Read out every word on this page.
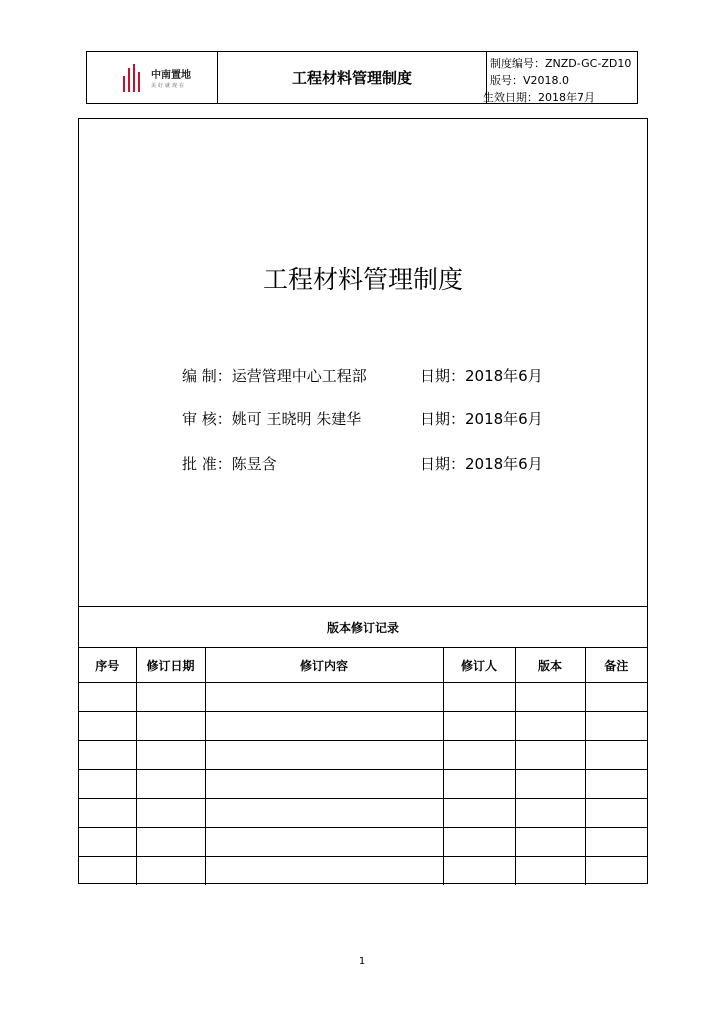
中南置地
美好就现在	工程材料管理制度
制度编号：ZNZD-GC-ZD10
版号：V2018.0
生效日期：2018年7月
工程材料管理制度
编 制：运营管理中心工程部	日期：2018年6月
审 核：姚可 王晓明 朱建华	日期：2018年6月
批 准：陈昱含	日期：2018年6月
版本修订记录
序号	修订日期	修订内容	修订人	版本	备注

1
